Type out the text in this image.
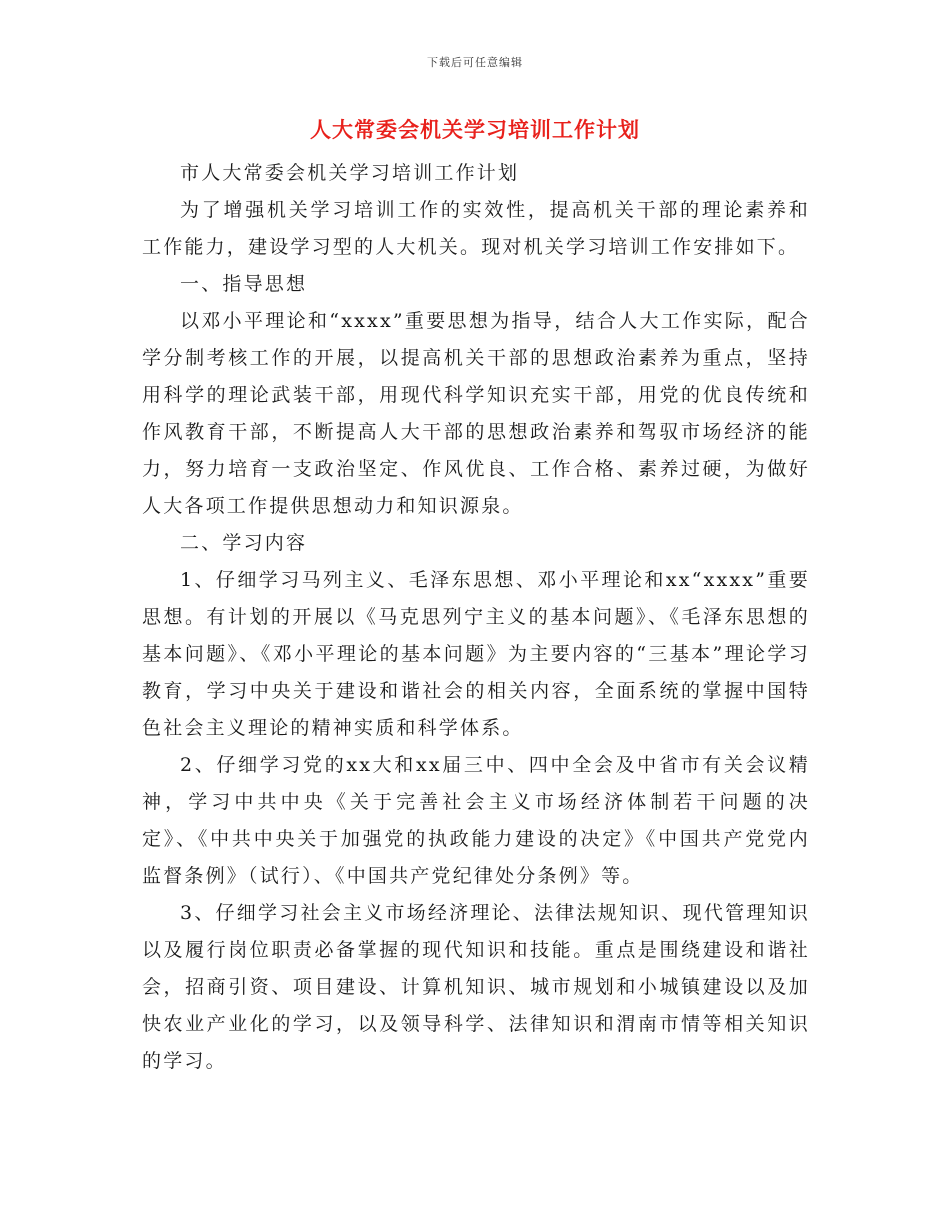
下载后可任意编辑
人大常委会机关学习培训工作计划

市人大常委会机关学习培训工作计划

为了增强机关学习培训工作的实效性，提高机关干部的理论素养和工作能力，建设学习型的人大机关。现对机关学习培训工作安排如下。

一、指导思想

以邓小平理论和“xxxx”重要思想为指导，结合人大工作实际，配合学分制考核工作的开展，以提高机关干部的思想政治素养为重点，坚持用科学的理论武装干部，用现代科学知识充实干部，用党的优良传统和作风教育干部，不断提高人大干部的思想政治素养和驾驭市场经济的能力，努力培育一支政治坚定、作风优良、工作合格、素养过硬，为做好人大各项工作提供思想动力和知识源泉。

二、学习内容

1、仔细学习马列主义、毛泽东思想、邓小平理论和xx“xxxx”重要思想。有计划的开展以《马克思列宁主义的基本问题》、《毛泽东思想的基本问题》、《邓小平理论的基本问题》为主要内容的“三基本”理论学习教育，学习中央关于建设和谐社会的相关内容，全面系统的掌握中国特色社会主义理论的精神实质和科学体系。

2、仔细学习党的xx大和xx届三中、四中全会及中省市有关会议精神，学习中共中央《关于完善社会主义市场经济体制若干问题的决定》、《中共中央关于加强党的执政能力建设的决定》《中国共产党党内监督条例》（试行）、《中国共产党纪律处分条例》等。

3、仔细学习社会主义市场经济理论、法律法规知识、现代管理知识以及履行岗位职责必备掌握的现代知识和技能。重点是围绕建设和谐社会，招商引资、项目建设、计算机知识、城市规划和小城镇建设以及加快农业产业化的学习，以及领导科学、法律知识和渭南市情等相关知识的学习。
